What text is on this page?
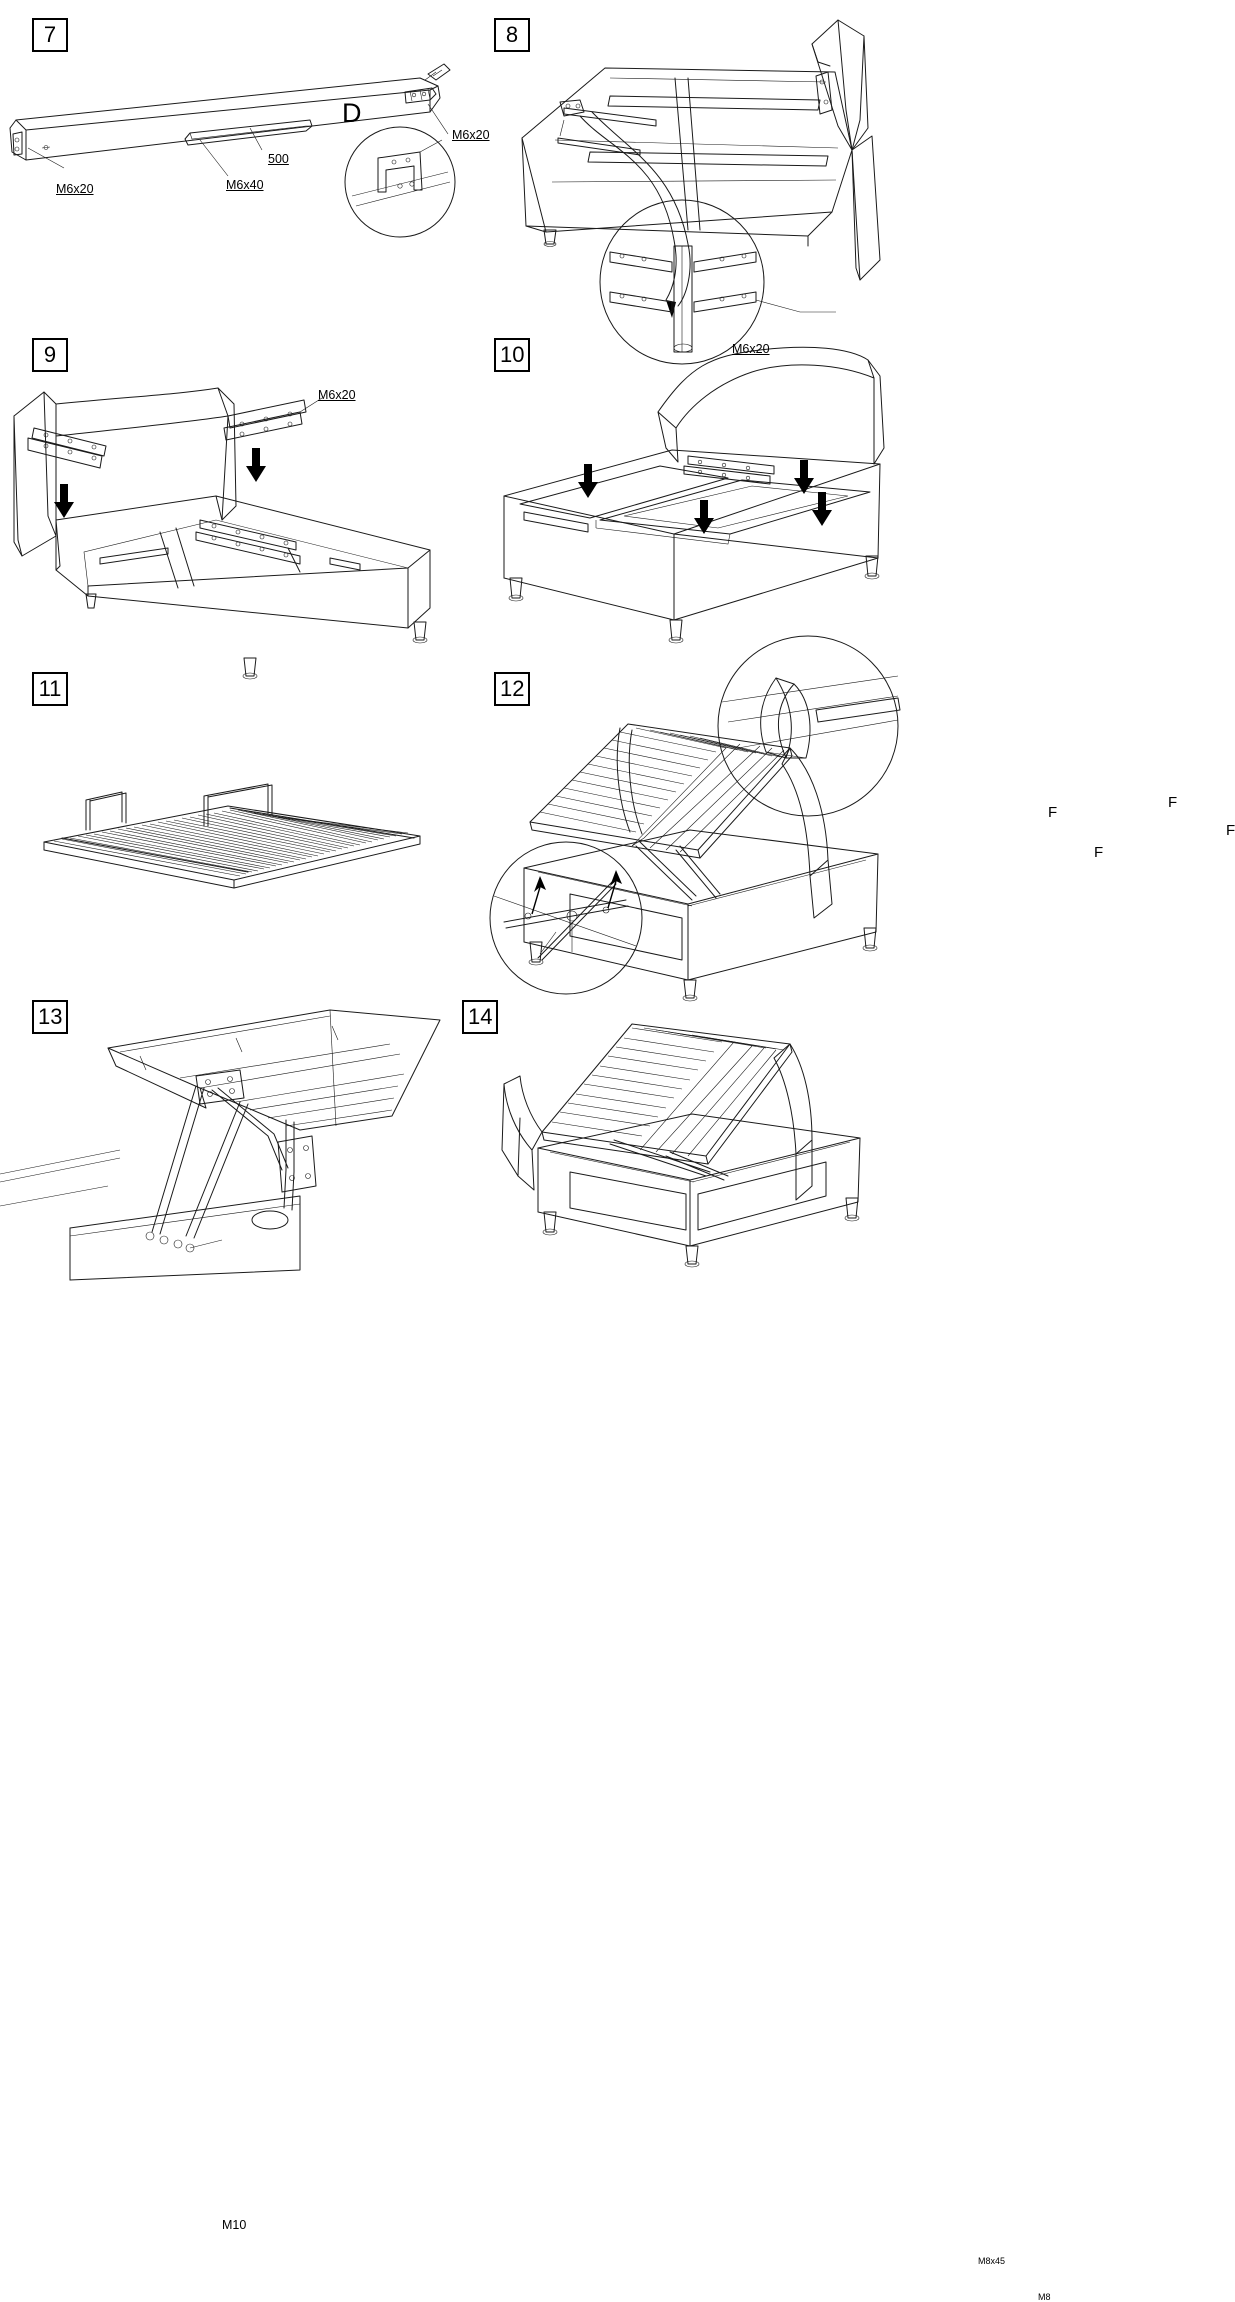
7
D
500
M6x40
M6x20
M6x20
8
M6x20
9
M6x20
10
F
F
F
F
11	12
M8x45
M8
13
M10
14
